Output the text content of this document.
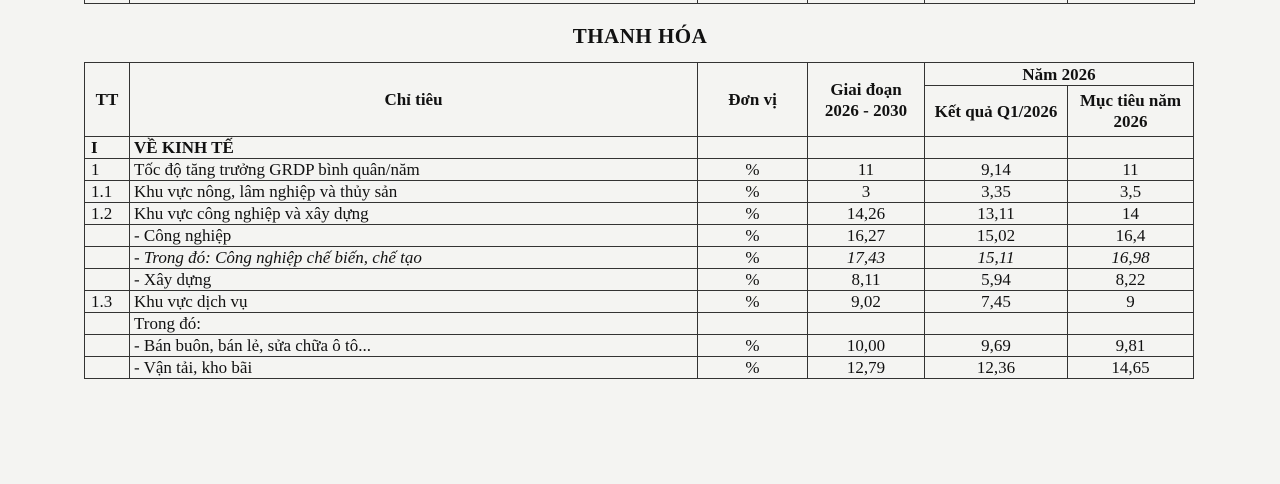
THANH HÓA
TT	Chỉ tiêu	Đơn vị	Giai đoạn 2026 - 2030	Năm 2026	
				Kết quả Q1/2026	Mục tiêu năm 2026
I	VỀ KINH TẾ				
1	Tốc độ tăng trưởng GRDP bình quân/năm	%	11	9,14	11
1.1	Khu vực nông, lâm nghiệp và thủy sản	%	3	3,35	3,5
1.2	Khu vực công nghiệp và xây dựng	%	14,26	13,11	14
	- Công nghiệp	%	16,27	15,02	16,4
	- Trong đó: Công nghiệp chế biến, chế tạo	%	17,43	15,11	16,98
	- Xây dựng	%	8,11	5,94	8,22
1.3	Khu vực dịch vụ	%	9,02	7,45	9
	Trong đó:				
	- Bán buôn, bán lẻ, sửa chữa ô tô...	%	10,00	9,69	9,81
	- Vận tải, kho bãi	%	12,79	12,36	14,65
